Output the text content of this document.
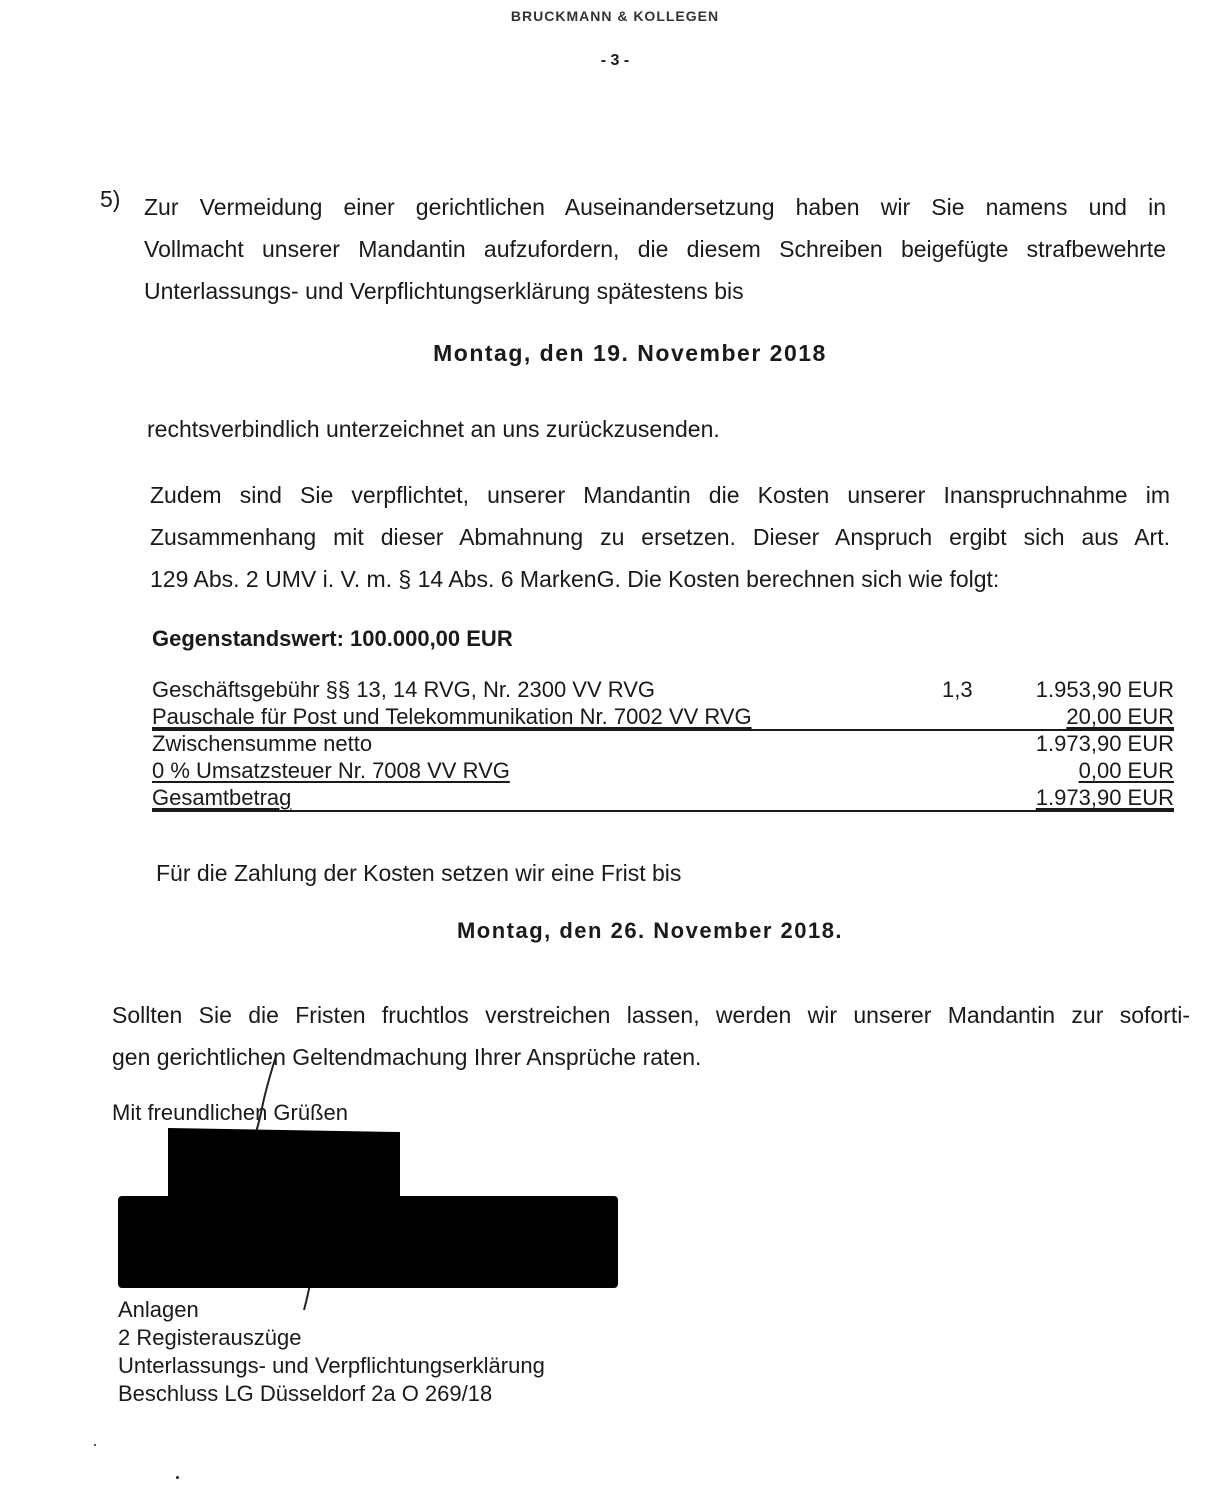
BRUCKMANN & KOLLEGEN
- 3 -
5) Zur Vermeidung einer gerichtlichen Auseinandersetzung haben wir Sie namens und in
Vollmacht unserer Mandantin aufzufordern, die diesem Schreiben beigefügte strafbewehrte
Unterlassungs- und Verpflichtungserklärung spätestens bis
Montag, den 19. November 2018
rechtsverbindlich unterzeichnet an uns zurückzusenden.
Zudem sind Sie verpflichtet, unserer Mandantin die Kosten unserer Inanspruchnahme im
Zusammenhang mit dieser Abmahnung zu ersetzen. Dieser Anspruch ergibt sich aus Art.
129 Abs. 2 UMV i. V. m. § 14 Abs. 6 MarkenG. Die Kosten berechnen sich wie folgt:
Gegenstandswert: 100.000,00 EUR
Geschäftsgebühr §§ 13, 14 RVG, Nr. 2300 VV RVG	1,3	1.953,90 EUR
Pauschale für Post und Telekommunikation Nr. 7002 VV RVG	20,00 EUR
Zwischensumme netto	1.973,90 EUR
0 % Umsatzsteuer Nr. 7008 VV RVG	0,00 EUR
Gesamtbetrag	1.973,90 EUR
Für die Zahlung der Kosten setzen wir eine Frist bis
Montag, den 26. November 2018.
Sollten Sie die Fristen fruchtlos verstreichen lassen, werden wir unserer Mandantin zur soforti-
gen gerichtlichen Geltendmachung Ihrer Ansprüche raten.
Mit freundlichen Grüßen
Anlagen
2 Registerauszüge
Unterlassungs- und Verpflichtungserklärung
Beschluss LG Düsseldorf 2a O 269/18
